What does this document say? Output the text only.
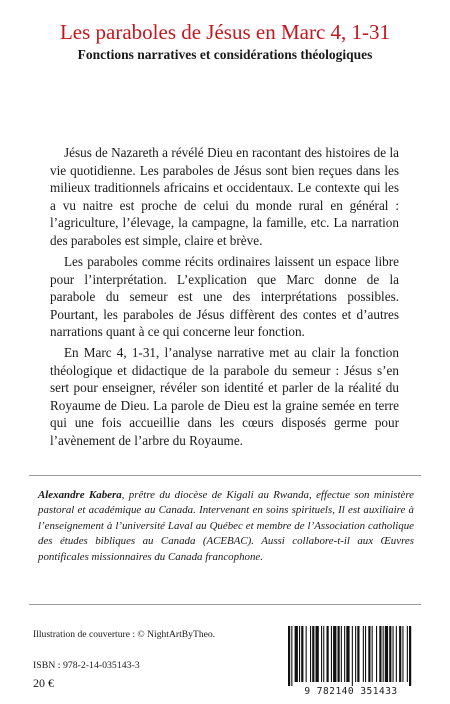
Les paraboles de Jésus en Marc 4, 1-31
Fonctions narratives et considérations théologiques

Jésus de Nazareth a révélé Dieu en racontant des histoires de la vie quotidienne. Les paraboles de Jésus sont bien reçues dans les milieux traditionnels africains et occidentaux. Le contexte qui les a vu naitre est proche de celui du monde rural en général : l’agriculture, l’élevage, la campagne, la famille, etc. La narration des paraboles est simple, claire et brève.

Les paraboles comme récits ordinaires laissent un espace libre pour l’interprétation. L’explication que Marc donne de la parabole du semeur est une des interprétations possibles. Pourtant, les paraboles de Jésus diffèrent des contes et d’autres narrations quant à ce qui concerne leur fonction.

En Marc 4, 1-31, l’analyse narrative met au clair la fonction théologique et didactique de la parabole du semeur : Jésus s’en sert pour enseigner, révéler son identité et parler de la réalité du Royaume de Dieu. La parole de Dieu est la graine semée en terre qui une fois accueillie dans les cœurs disposés germe pour l’avènement de l’arbre du Royaume.

Alexandre Kabera, prêtre du diocèse de Kigali au Rwanda, effectue son ministère pastoral et académique au Canada. Intervenant en soins spirituels, Il est auxiliaire à l’enseignement à l’université Laval au Québec et membre de l’Association catholique des études bibliques au Canada (ACEBAC). Aussi collabore-t-il aux Œuvres pontificales missionnaires du Canada francophone.

Illustration de couverture : © NightArtByTheo.
ISBN : 978-2-14-035143-3
20 €
9 782140 351433
